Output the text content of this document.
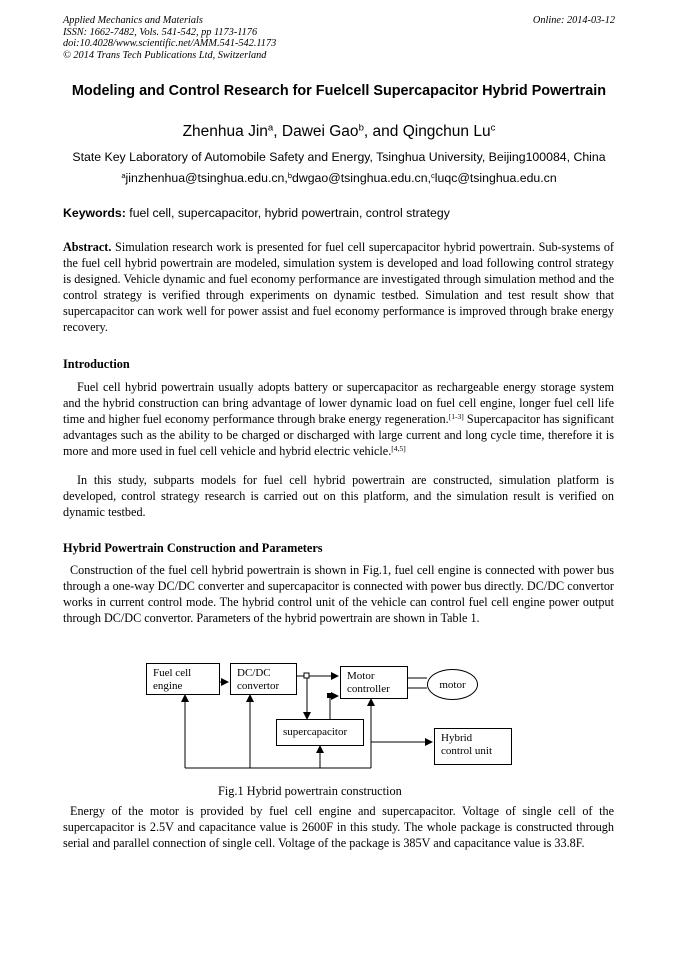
Applied Mechanics and Materials
ISSN: 1662-7482, Vols. 541-542, pp 1173-1176
doi:10.4028/www.scientific.net/AMM.541-542.1173
© 2014 Trans Tech Publications Ltd, Switzerland
Online: 2014-03-12
Modeling and Control Research for Fuelcell Supercapacitor Hybrid Powertrain
Zhenhua Jin$^a$, Dawei Gao$^b$, and Qingchun Lu$^c$
State Key Laboratory of Automobile Safety and Energy, Tsinghua University, Beijing100084, China
$^a$jinzhenhua@tsinghua.edu.cn,$^b$dwgao@tsinghua.edu.cn,$^c$luqc@tsinghua.edu.cn
Keywords: fuel cell, supercapacitor, hybrid powertrain, control strategy
Abstract. Simulation research work is presented for fuel cell supercapacitor hybrid powertrain. Sub-systems of the fuel cell hybrid powertrain are modeled, simulation system is developed and load following control strategy is designed. Vehicle dynamic and fuel economy performance are investigated through simulation method and the control strategy is verified through experiments on dynamic testbed. Simulation and test result show that supercapacitor can work well for power assist and fuel economy performance is improved through brake energy recovery.
Introduction
Fuel cell hybrid powertrain usually adopts battery or supercapacitor as rechargeable energy storage system and the hybrid construction can bring advantage of lower dynamic load on fuel cell engine, longer fuel cell life time and higher fuel economy performance through brake energy regeneration.[1-3] Supercapacitor has significant advantages such as the ability to be charged or discharged with large current and long cycle time, therefore it is more and more used in fuel cell vehicle and hybrid electric vehicle.[4,5]
In this study, subparts models for fuel cell hybrid powertrain are constructed, simulation platform is developed, control strategy research is carried out on this platform, and the simulation result is verified on dynamic testbed.
Hybrid Powertrain Construction and Parameters
Construction of the fuel cell hybrid powertrain is shown in Fig.1, fuel cell engine is connected with power bus through a one-way DC/DC converter and supercapacitor is connected with power bus directly. DC/DC convertor works in current control mode. The hybrid control unit of the vehicle can control fuel cell engine power output through DC/DC convertor. Parameters of the hybrid powertrain are shown in Table 1.
Fuel cell
engine
DC/DC
convertor
Motor
controller	motor
supercapacitor	Hybrid
control unit
Fig.1 Hybrid powertrain construction
Energy of the motor is provided by fuel cell engine and supercapacitor. Voltage of single cell of the supercapacitor is 2.5V and capacitance value is 2600F in this study. The whole package is constructed through serial and parallel connection of single cell. Voltage of the package is 385V and capacitance value is 33.8F.
